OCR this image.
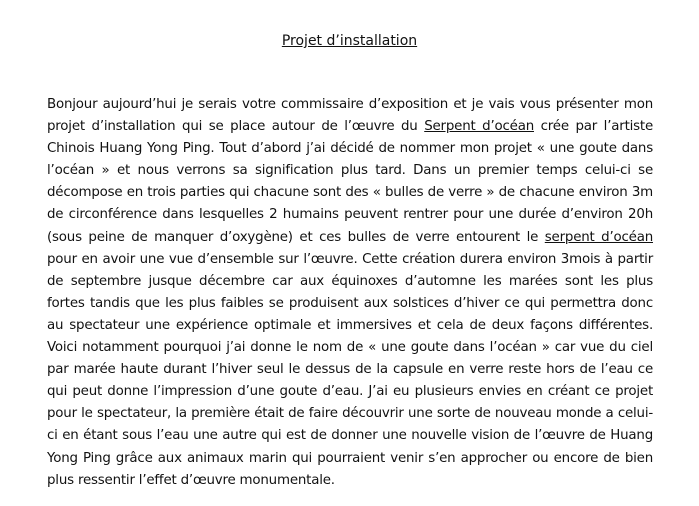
Projet d’installation

Bonjour aujourd’hui je serais votre commissaire d’exposition et je vais vous présenter mon projet d’installation qui se place autour de l’œuvre du Serpent d’océan crée par l’artiste Chinois Huang Yong Ping. Tout d’abord j’ai décidé de nommer mon projet « une goute dans l’océan » et nous verrons sa signification plus tard. Dans un premier temps celui-ci se décompose en trois parties qui chacune sont des « bulles de verre » de chacune environ 3m de circonférence dans lesquelles 2 humains peuvent rentrer pour une durée d’environ 20h (sous peine de manquer d’oxygène) et ces bulles de verre entourent le serpent d’océan pour en avoir une vue d’ensemble sur l’œuvre. Cette création durera environ 3mois à partir de septembre jusque décembre car aux équinoxes d’automne les marées sont les plus fortes tandis que les plus faibles se produisent aux solstices d’hiver ce qui permettra donc au spectateur une expérience optimale et immersives et cela de deux façons différentes. Voici notamment pourquoi j’ai donne le nom de « une goute dans l’océan » car vue du ciel par marée haute durant l’hiver seul le dessus de la capsule en verre reste hors de l’eau ce qui peut donne l’impression d’une goute d’eau. J’ai eu plusieurs envies en créant ce projet pour le spectateur, la première était de faire découvrir une sorte de nouveau monde a celui-ci en étant sous l’eau une autre qui est de donner une nouvelle vision de l’œuvre de Huang Yong Ping grâce aux animaux marin qui pourraient venir s’en approcher ou encore de bien plus ressentir l’effet d’œuvre monumentale.
